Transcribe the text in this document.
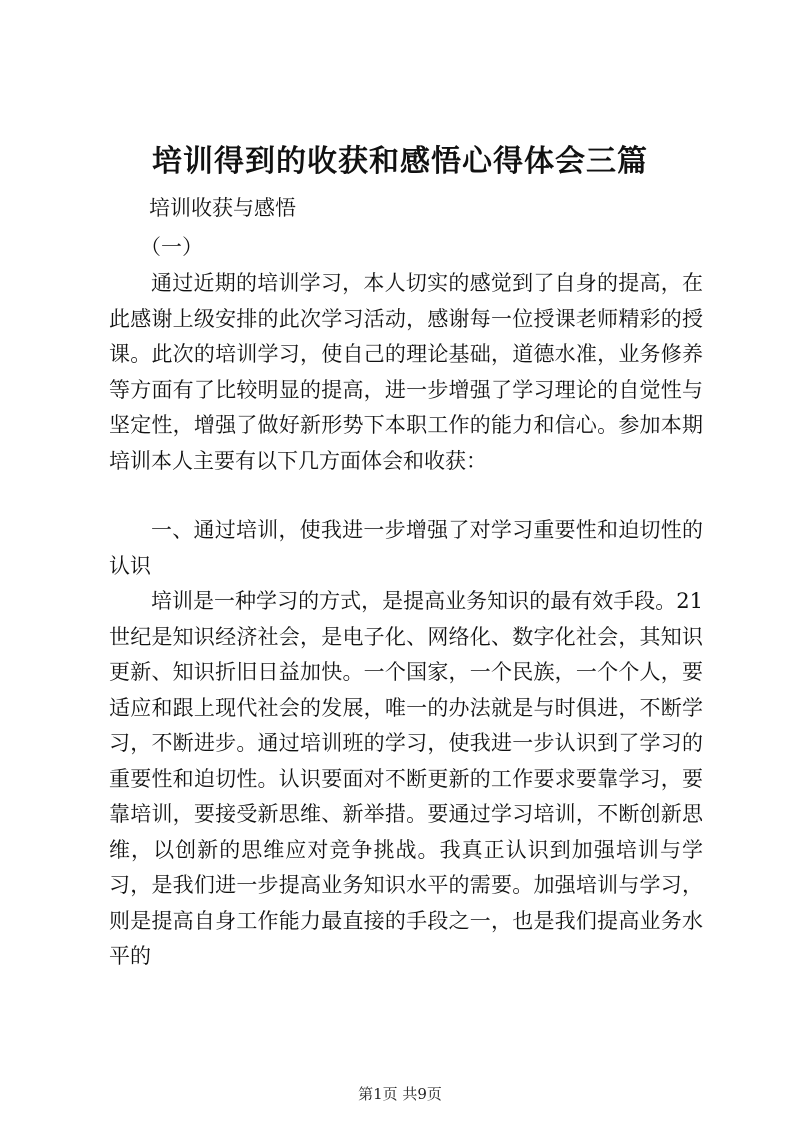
培训得到的收获和感悟心得体会三篇
培训收获与感悟
（一）

通过近期的培训学习，本人切实的感觉到了自身的提高，在此感谢上级安排的此次学习活动，感谢每一位授课老师精彩的授课。此次的培训学习，使自己的理论基础，道德水准，业务修养等方面有了比较明显的提高，进一步增强了学习理论的自觉性与坚定性，增强了做好新形势下本职工作的能力和信心。参加本期培训本人主要有以下几方面体会和收获：

一、通过培训，使我进一步增强了对学习重要性和迫切性的认识

培训是一种学习的方式，是提高业务知识的最有效手段。21世纪是知识经济社会，是电子化、网络化、数字化社会，其知识更新、知识折旧日益加快。一个国家，一个民族，一个个人，要适应和跟上现代社会的发展，唯一的办法就是与时俱进，不断学习，不断进步。通过培训班的学习，使我进一步认识到了学习的重要性和迫切性。认识要面对不断更新的工作要求要靠学习，要靠培训，要接受新思维、新举措。要通过学习培训，不断创新思维，以创新的思维应对竞争挑战。我真正认识到加强培训与学习，是我们进一步提高业务知识水平的需要。加强培训与学习，则是提高自身工作能力最直接的手段之一，也是我们提高业务水平的

第1页 共9页
